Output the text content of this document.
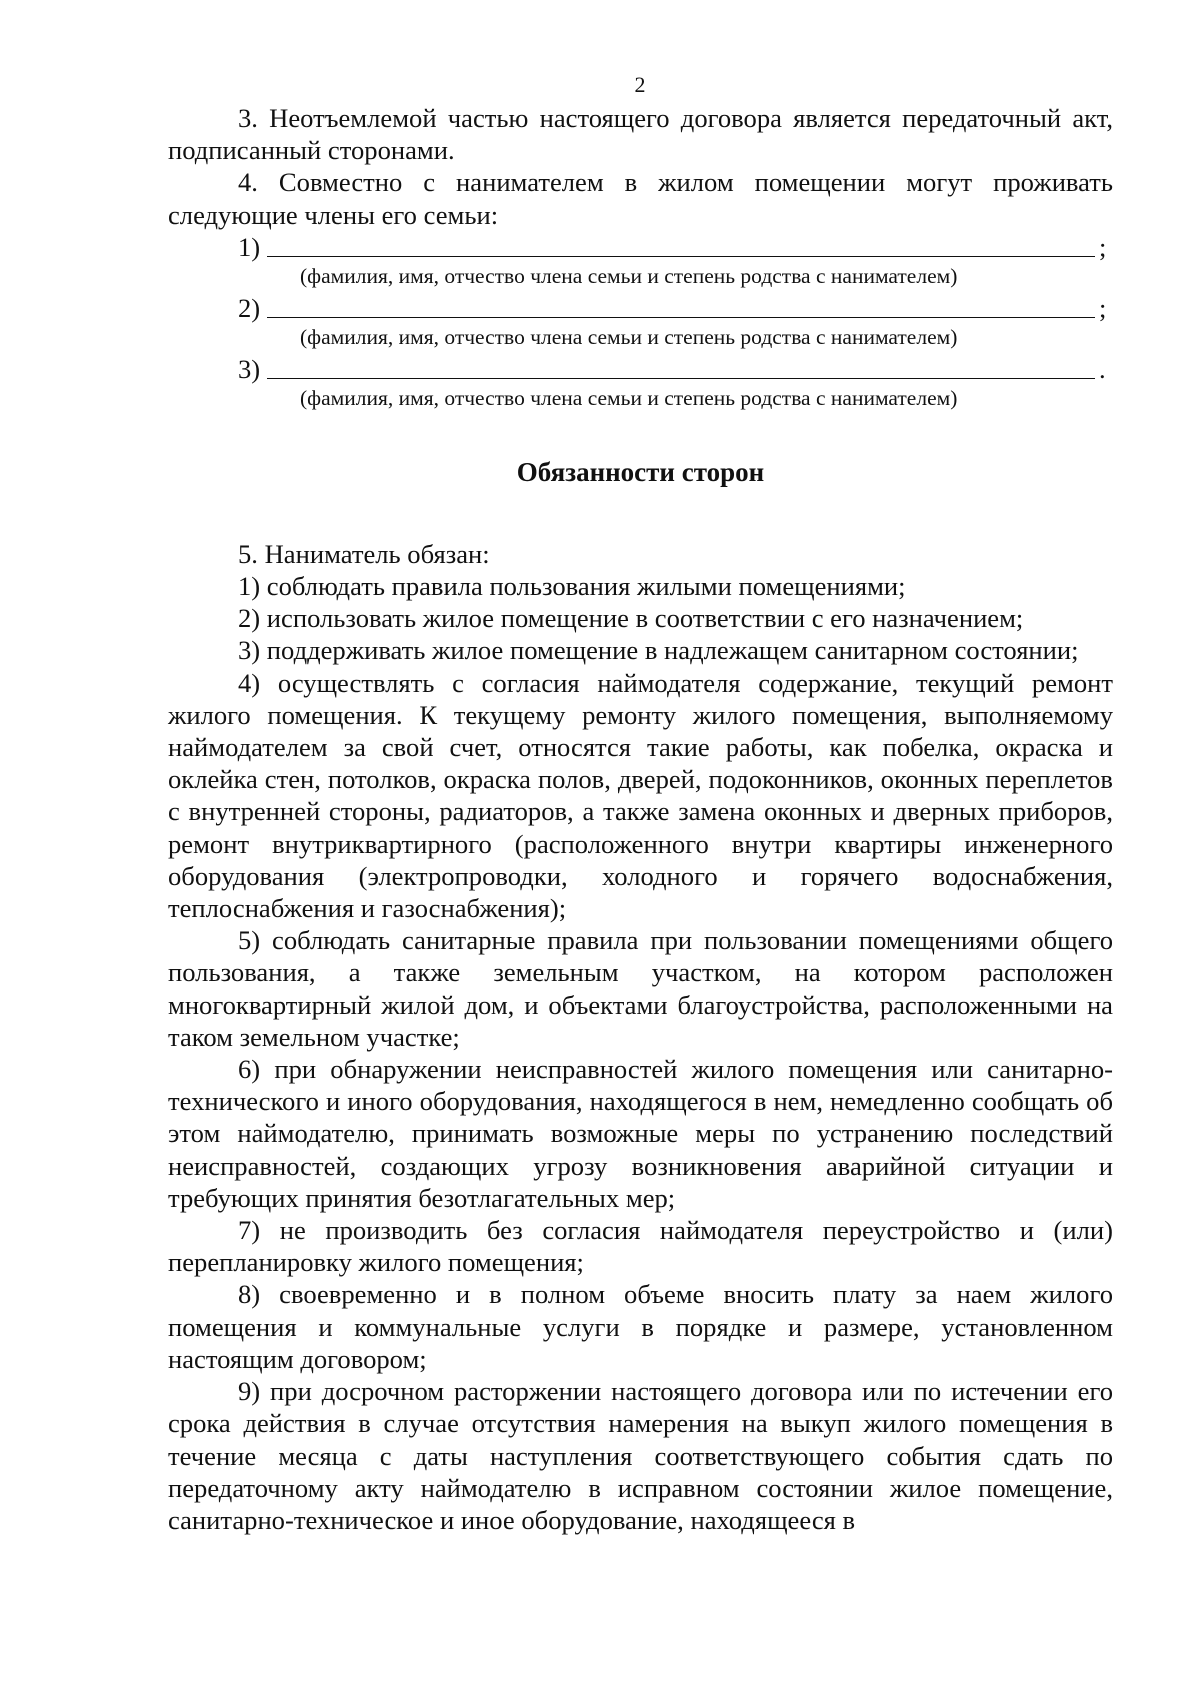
2

3. Неотъемлемой частью настоящего договора является передаточный акт, подписанный сторонами.

4. Совместно с нанимателем в жилом помещении могут проживать следующие члены его семьи:

1)	;
(фамилия, имя, отчество члена семьи и степень родства с нанимателем)
2)	;
(фамилия, имя, отчество члена семьи и степень родства с нанимателем)
3)	.
(фамилия, имя, отчество члена семьи и степень родства с нанимателем)
Обязанности сторон

5. Наниматель обязан:

1) соблюдать правила пользования жилыми помещениями;

2) использовать жилое помещение в соответствии с его назначением;

3) поддерживать жилое помещение в надлежащем санитарном состоянии;

4) осуществлять с согласия наймодателя содержание, текущий ремонт жилого помещения. К текущему ремонту жилого помещения, выполняемому наймодателем за свой счет, относятся такие работы, как побелка, окраска и оклейка стен, потолков, окраска полов, дверей, подоконников, оконных переплетов с внутренней стороны, радиаторов, а также замена оконных и дверных приборов, ремонт внутриквартирного (расположенного внутри квартиры инженерного оборудования (электропроводки, холодного и горячего водоснабжения, теплоснабжения и газоснабжения);

5) соблюдать санитарные правила при пользовании помещениями общего пользования, а также земельным участком, на котором расположен многоквартирный жилой дом, и объектами благоустройства, расположенными на таком земельном участке;

6) при обнаружении неисправностей жилого помещения или санитарно-технического и иного оборудования, находящегося в нем, немедленно сообщать об этом наймодателю, принимать возможные меры по устранению последствий неисправностей, создающих угрозу возникновения аварийной ситуации и требующих принятия безотлагательных мер;

7) не производить без согласия наймодателя переустройство и (или) перепланировку жилого помещения;

8) своевременно и в полном объеме вносить плату за наем жилого помещения и коммунальные услуги в порядке и размере, установленном настоящим договором;

9) при досрочном расторжении настоящего договора или по истечении его срока действия в случае отсутствия намерения на выкуп жилого помещения в течение месяца с даты наступления соответствующего события сдать по передаточному акту наймодателю в исправном состоянии жилое помещение, санитарно-техническое и иное оборудование, находящееся в
